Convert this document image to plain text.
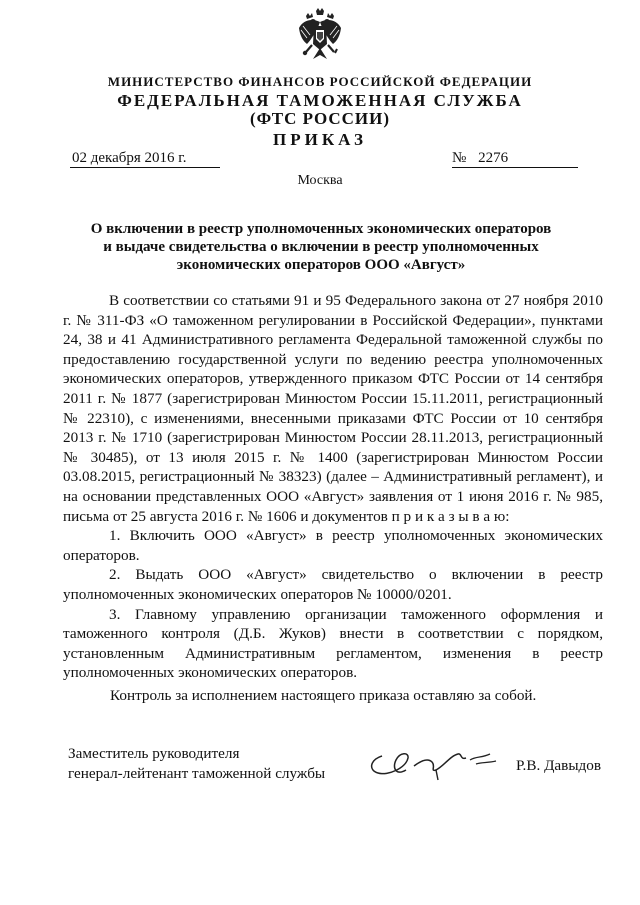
МИНИСТЕРСТВО ФИНАНСОВ РОССИЙСКОЙ ФЕДЕРАЦИИ
ФЕДЕРАЛЬНАЯ ТАМОЖЕННАЯ СЛУЖБА
(ФТС РОССИИ)
ПРИКАЗ
02 декабря 2016 г.	№ 2276
Москва
О включении в реестр уполномоченных экономических операторов
и выдаче свидетельства о включении в реестр уполномоченных
экономических операторов ООО «Август»

В соответствии со статьями 91 и 95 Федерального закона от 27 ноября 2010 г. № 311-ФЗ «О таможенном регулировании в Российской Федерации», пунктами 24, 38 и 41 Административного регламента Федеральной таможенной службы по предоставлению государственной услуги по ведению реестра уполномоченных экономических операторов, утвержденного приказом ФТС России от 14 сентября 2011 г. № 1877 (зарегистрирован Минюстом России 15.11.2011, регистрационный № 22310), с изменениями, внесенными приказами ФТС России от 10 сентября 2013 г. № 1710 (зарегистрирован Минюстом России 28.11.2013, регистрационный № 30485), от 13 июля 2015 г. № 1400 (зарегистрирован Минюстом России 03.08.2015, регистрационный № 38323) (далее – Административный регламент), и на основании представленных ООО «Август» заявления от 1 июня 2016 г. № 985, письма от 25 августа 2016 г. № 1606 и документов п р и к а з ы в а ю:

1. Включить ООО «Август» в реестр уполномоченных экономических операторов.

2. Выдать ООО «Август» свидетельство о включении в реестр уполномоченных экономических операторов № 10000/0201.

3. Главному управлению организации таможенного оформления и таможенного контроля (Д.Б. Жуков) внести в соответствии с порядком, установленным Административным регламентом, изменения в реестр уполномоченных экономических операторов.

Контроль за исполнением настоящего приказа оставляю за собой.
Заместитель руководителя
генерал-лейтенант таможенной службы	Р.В. Давыдов
